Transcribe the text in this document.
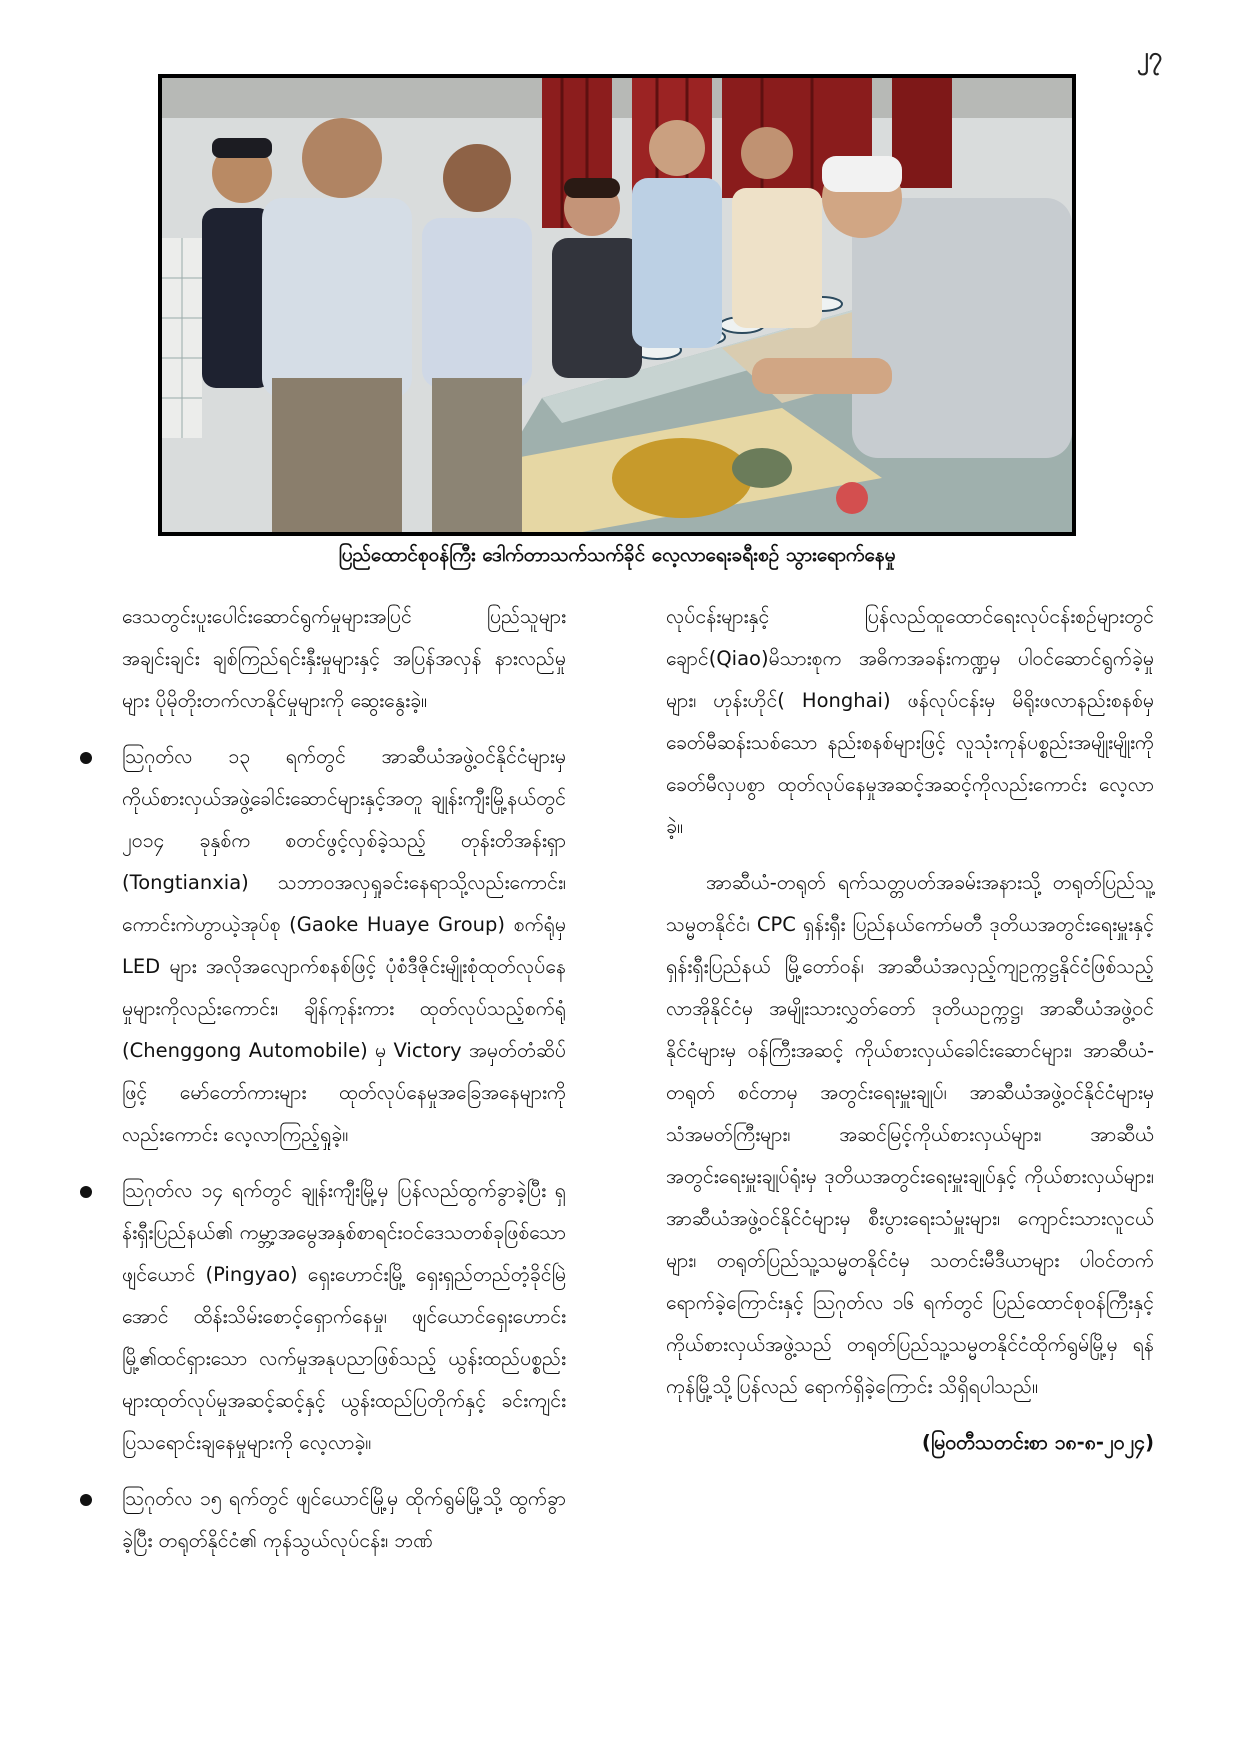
၂၇
ပြည်ထောင်စုဝန်ကြီး ဒေါက်တာသက်သက်ခိုင် လေ့လာရေးခရီးစဉ် သွားရောက်နေမှု

ဒေသတွင်းပူးပေါင်းဆောင်ရွက်မှုများအပြင် ပြည်သူများ အချင်းချင်း ချစ်ကြည်ရင်းနှီးမှုများနှင့် အပြန်အလှန် နားလည်မှုများ ပိုမိုတိုးတက်လာနိုင်မှုများကို ဆွေးနွေးခဲ့။

ဩဂုတ်လ ၁၃ ရက်တွင် အာဆီယံအဖွဲ့ဝင်နိုင်ငံများမှ ကိုယ်စားလှယ်အဖွဲ့ခေါင်းဆောင်များနှင့်အတူ ချုန်းကျီးမြို့နယ်တွင် ၂၀၁၄ ခုနှစ်က စတင်ဖွင့်လှစ်ခဲ့သည့် တုန်းတိအန်းရှာ (Tongtianxia) သဘာဝအလှရှုခင်းနေရာသို့လည်းကောင်း၊ ကောင်းကဲဟွာယဲ့အုပ်စု (Gaoke Huaye Group) စက်ရုံမှ LED များ အလိုအလျောက်စနစ်ဖြင့် ပုံစံဒီဇိုင်းမျိုးစုံထုတ်လုပ်နေမှုများကိုလည်းကောင်း၊ ချိန်ကုန်းကား ထုတ်လုပ်သည့်စက်ရုံ (Chenggong Automobile) မှ Victory အမှတ်တံဆိပ်ဖြင့် မော်တော်ကားများ ထုတ်လုပ်နေမှုအခြေအနေများကိုလည်းကောင်း လေ့လာကြည့်ရှုခဲ့။
ဩဂုတ်လ ၁၄ ရက်တွင် ချုန်းကျီးမြို့မှ ပြန်လည်ထွက်ခွာခဲ့ပြီး ရှန်းရှီးပြည်နယ်၏ ကမ္ဘာ့အမွေအနှစ်စာရင်းဝင်ဒေသတစ်ခုဖြစ်သော ဖျင်ယောင် (Pingyao) ရှေးဟောင်းမြို့ ရှေးရှည်တည်တံ့ခိုင်မြဲအောင် ထိန်းသိမ်းစောင့်ရှောက်နေမှု၊ ဖျင်ယောင်ရှေးဟောင်းမြို့၏ထင်ရှားသော လက်မှုအနုပညာဖြစ်သည့် ယွန်းထည်ပစ္စည်းများထုတ်လုပ်မှုအဆင့်ဆင့်နှင့် ယွန်းထည်ပြတိုက်နှင့် ခင်းကျင်းပြသရောင်းချနေမှုများကို လေ့လာခဲ့။
ဩဂုတ်လ ၁၅ ရက်တွင် ဖျင်ယောင်မြို့မှ ထိုက်ရွမ်မြို့သို့ ထွက်ခွာခဲ့ပြီး တရုတ်နိုင်ငံ၏ ကုန်သွယ်လုပ်ငန်း၊ ဘဏ်

လုပ်ငန်းများနှင့် ပြန်လည်ထူထောင်ရေးလုပ်ငန်းစဉ်များတွင် ချောင်(Qiao)မိသားစုက အဓိကအခန်းကဏ္ဍမှ ပါဝင်ဆောင်ရွက်ခဲ့မှုများ၊ ဟုန်းဟိုင်( Honghai) ဖန်လုပ်ငန်းမှ မိရိုးဖလာနည်းစနစ်မှ ခေတ်မီဆန်းသစ်သော နည်းစနစ်များဖြင့် လူသုံးကုန်ပစ္စည်းအမျိုးမျိုးကို ခေတ်မီလှပစွာ ထုတ်လုပ်နေမှုအဆင့်အဆင့်ကိုလည်းကောင်း လေ့လာခဲ့။

အာဆီယံ-တရုတ် ရက်သတ္တပတ်အခမ်းအနားသို့ တရုတ်ပြည်သူ့သမ္မတနိုင်ငံ၊ CPC ရှန်းရှီး ပြည်နယ်ကော်မတီ ဒုတိယအတွင်းရေးမှူးနှင့် ရှန်းရှီးပြည်နယ် မြို့တော်ဝန်၊ အာဆီယံအလှည့်ကျဥက္ကဋ္ဌနိုင်ငံဖြစ်သည့် လာအိုနိုင်ငံမှ အမျိုးသားလွှတ်တော် ဒုတိယဥက္ကဋ္ဌ၊ အာဆီယံအဖွဲ့ဝင်နိုင်ငံများမှ ဝန်ကြီးအဆင့် ကိုယ်စားလှယ်ခေါင်းဆောင်များ၊ အာဆီယံ-တရုတ် စင်တာမှ အတွင်းရေးမှူးချုပ်၊ အာဆီယံအဖွဲ့ဝင်နိုင်ငံများမှ သံအမတ်ကြီးများ၊ အဆင်မြင့်ကိုယ်စားလှယ်များ၊ အာဆီယံ အတွင်းရေးမှူးချုပ်ရုံးမှ ဒုတိယအတွင်းရေးမှူးချုပ်နှင့် ကိုယ်စားလှယ်များ၊ အာဆီယံအဖွဲ့ဝင်နိုင်ငံများမှ စီးပွားရေးသံမှူးများ၊ ကျောင်းသားလူငယ်များ၊ တရုတ်ပြည်သူ့သမ္မတနိုင်ငံမှ သတင်းမီဒီယာများ ပါဝင်တက်ရောက်ခဲ့ကြောင်းနှင့် ဩဂုတ်လ ၁၆ ရက်တွင် ပြည်ထောင်စုဝန်ကြီးနှင့် ကိုယ်စားလှယ်အဖွဲ့သည် တရုတ်ပြည်သူ့သမ္မတနိုင်ငံထိုက်ရွမ်မြို့မှ ရန်ကုန်မြို့သို့ပြန်လည် ရောက်ရှိခဲ့ကြောင်း သိရှိရပါသည်။

(မြဝတီသတင်းစာ ၁၈-၈-၂၀၂၄)
